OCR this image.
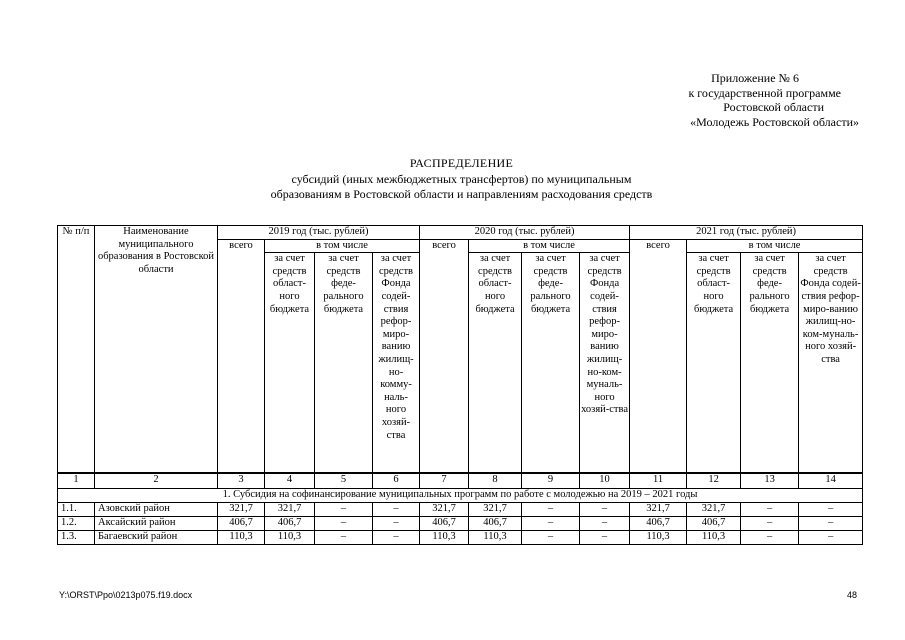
Приложение № 6
к государственной программе
Ростовской области
«Молодежь Ростовской области»
РАСПРЕДЕЛЕНИЕ
субсидий (иных межбюджетных трансфертов) по муниципальным
образованиям в Ростовской области и направлениям расходования средств
№ п/п	Наименование муниципального образования в Ростовской области	2019 год (тыс. рублей)				2020 год (тыс. рублей)				2021 год (тыс. рублей)			
		всего	в том числе			всего	в том числе			всего	в том числе		
			за счет средств област-ного бюджета	за счет средств феде-рального бюджета	за счет средств Фонда содей-ствия рефор-миро-ванию жилищ-но-комму-наль-ного хозяй-ства		за счет средств област-ного бюджета	за счет средств феде-рального бюджета	за счет средств Фонда содей-ствия рефор-миро-ванию жилищ-но-ком-муналь-ного хозяй-ства		за счет средств област-ного бюджета	за счет средств феде-рального бюджета	за счет средств Фонда содей-ствия рефор-миро-ванию жилищ-но-ком-муналь-ного хозяй-ства
1	2	3	4	5	6	7	8	9	10	11	12	13	14
1. Субсидия на софинансирование муниципальных программ по работе с молодежью на 2019 – 2021 годы													
1.1.	Азовский район	321,7	321,7	–	–	321,7	321,7	–	–	321,7	321,7	–	–
1.2.	Аксайский район	406,7	406,7	–	–	406,7	406,7	–	–	406,7	406,7	–	–
1.3.	Багаевский район	110,3	110,3	–	–	110,3	110,3	–	–	110,3	110,3	–	–
Y:\ORST\Ppo\0213p075.f19.docx	48
